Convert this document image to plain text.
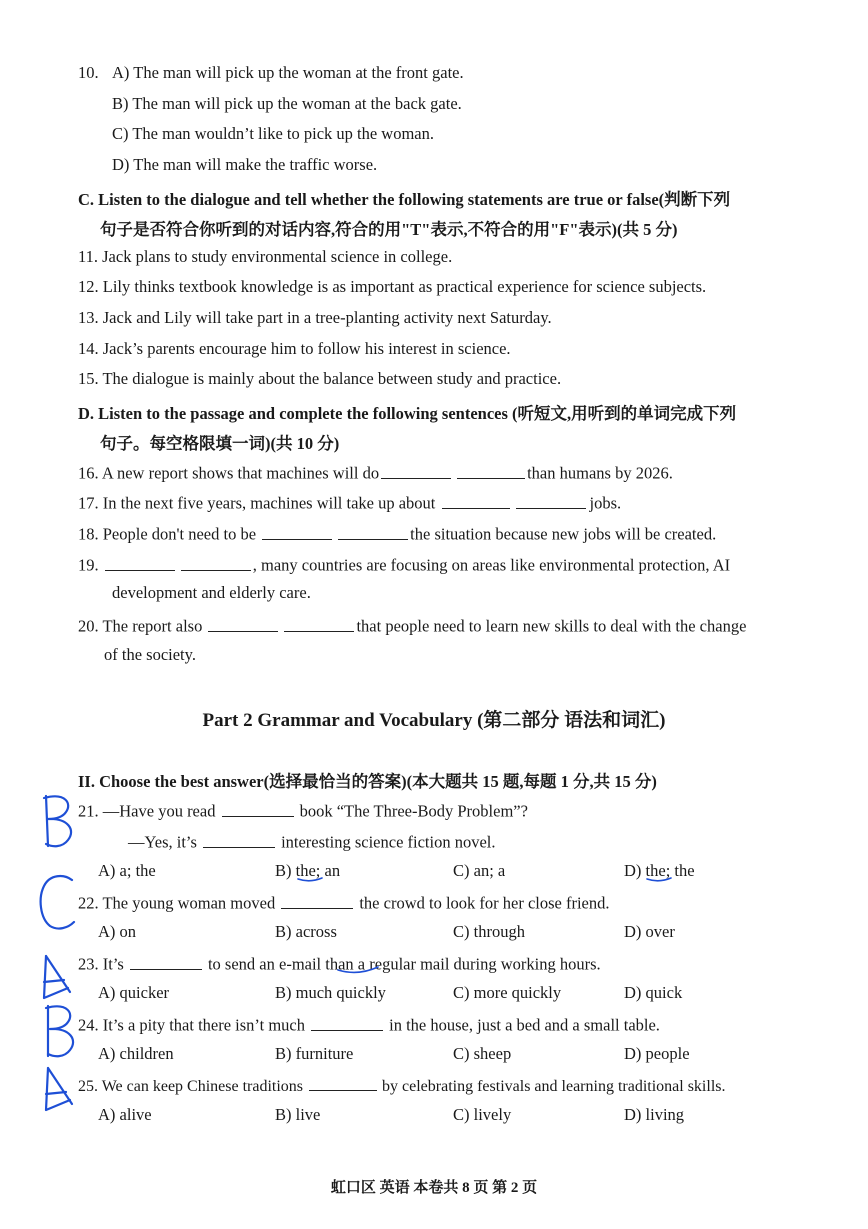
10. A) The man will pick up the woman at the front gate.
B) The man will pick up the woman at the back gate.
C) The man wouldn’t like to pick up the woman.
D) The man will make the traffic worse.
C. Listen to the dialogue and tell whether the following statements are true or false(判断下列
句子是否符合你听到的对话内容,符合的用"T"表示,不符合的用"F"表示)(共 5 分)
11. Jack plans to study environmental science in college.
12. Lily thinks textbook knowledge is as important as practical experience for science subjects.
13. Jack and Lily will take part in a tree-planting activity next Saturday.
14. Jack’s parents encourage him to follow his interest in science.
15. The dialogue is mainly about the balance between study and practice.
D. Listen to the passage and complete the following sentences (听短文,用听到的单词完成下列
句子。每空格限填一词)(共 10 分)
16. A new report shows that machines will do	than humans by 2026.
17. In the next five years, machines will take up about	jobs.
18. People don't need to be	the situation because new jobs will be created.
19.	, many countries are focusing on areas like environmental protection, AI
development and elderly care.
20. The report also	that people need to learn new skills to deal with the change
of the society.
Part 2 Grammar and Vocabulary (第二部分 语法和词汇)
II. Choose the best answer(选择最恰当的答案)(本大题共 15 题,每题 1 分,共 15 分)
21. —Have you read	book “The Three-Body Problem”?
—Yes, it’s	interesting science fiction novel.
A) a; the	B) the; an	C) an; a	D) the; the
22. The young woman moved	the crowd to look for her close friend.
A) on	B) across	C) through	D) over
23. It’s	to send an e-mail than a regular mail during working hours.
A) quicker	B) much quickly	C) more quickly	D) quick
24. It’s a pity that there isn’t much	in the house, just a bed and a small table.
A) children	B) furniture	C) sheep	D) people
25. We can keep Chinese traditions	by celebrating festivals and learning traditional skills.
A) alive	B) live	C) lively	D) living
虹口区 英语 本卷共 8 页 第 2 页
